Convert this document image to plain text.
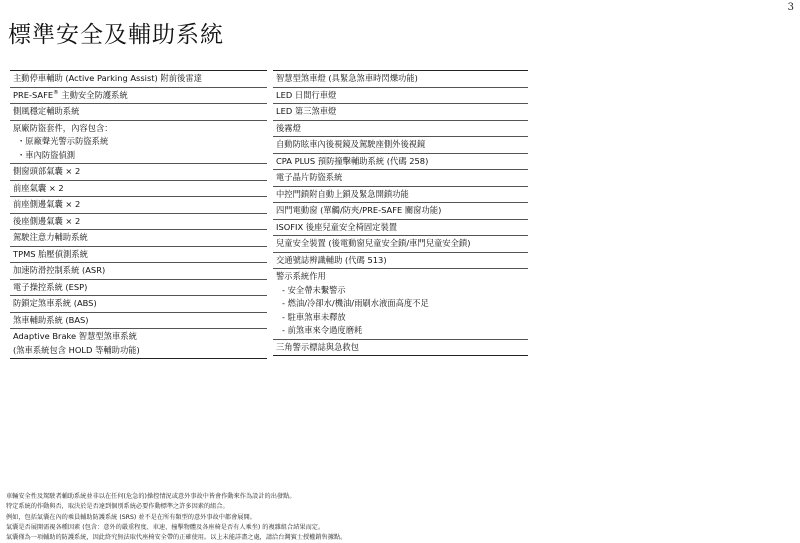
3
標準安全及輔助系統
主動停車輔助 (Active Parking Assist) 附前後雷達
PRE-SAFE® 主動安全防護系統
側風穩定輔助系統
原廠防盜套件，內容包含：
・原廠聲光警示防盜系統
・車內防盜偵測
側窗頭部氣囊 × 2
前座氣囊 × 2
前座側邊氣囊 × 2
後座側邊氣囊 × 2
駕駛注意力輔助系統
TPMS 胎壓偵測系統
加速防滑控制系統 (ASR)
電子操控系統 (ESP)
防鎖定煞車系統 (ABS)
煞車輔助系統 (BAS)
Adaptive Brake 智慧型煞車系統
(煞車系統包含 HOLD 等輔助功能)
智慧型煞車燈 (具緊急煞車時閃爍功能)
LED 日間行車燈
LED 第三煞車燈
後霧燈
自動防眩車內後視鏡及駕駛座側外後視鏡
CPA PLUS 預防撞擊輔助系統 (代碼 258)
電子晶片防盜系統
中控門鎖附自動上鎖及緊急開鎖功能
四門電動窗 (單觸/防夾/PRE-SAFE 關窗功能)
ISOFIX 後座兒童安全椅固定裝置
兒童安全裝置 (後電動窗兒童安全鎖/車門兒童安全鎖)
交通號誌辨識輔助 (代碼 513)
警示系統作用
- 安全帶未繫警示
- 燃油/冷卻水/機油/雨刷水液面高度不足
- 駐車煞車未釋放
- 前煞車來令過度磨耗
三角警示標誌與急救包
車輛安全性及駕駛者輔助系統並非以在任何(危急的)操控情況或意外事故中皆會作動來作為設計的出發點。
特定系統的作動與否，取決於是否達到個別系統必要作動標準之許多因素的組合。
例如，包括氣囊在內的乘員輔助防護系統 (SRS) 並不是在所有類型的意外事故中都會展開。
氣囊是否展開需視各種因素 (包含：意外的嚴重程度、車速、撞擊物體及各座椅是否有人乘坐) 的複雜組合結果而定。
氣囊僅為一項輔助的防護系統，因此終究無法取代座椅安全帶的正確使用。以上未能詳盡之處，請洽台灣賓士授權銷售據點。
